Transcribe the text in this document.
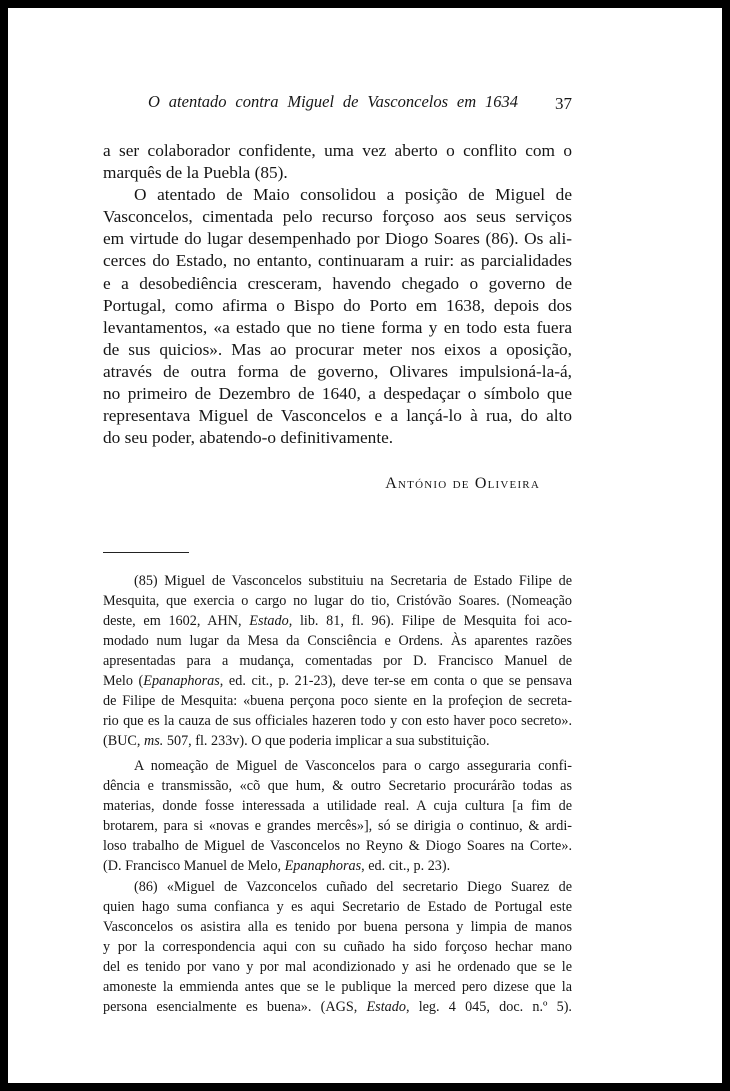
O atentado contra Miguel de Vasconcelos em 1634	37
a ser colaborador confidente, uma vez aberto o conflito com o
marquês de la Puebla (85).
O atentado de Maio consolidou a posição de Miguel de
Vasconcelos, cimentada pelo recurso forçoso aos seus serviços
em virtude do lugar desempenhado por Diogo Soares (86). Os ali-
cerces do Estado, no entanto, continuaram a ruir: as parcialidades
e a desobediência cresceram, havendo chegado o governo de
Portugal, como afirma o Bispo do Porto em 1638, depois dos
levantamentos, «a estado que no tiene forma y en todo esta fuera
de sus quicios». Mas ao procurar meter nos eixos a oposição,
através de outra forma de governo, Olivares impulsioná-la-á,
no primeiro de Dezembro de 1640, a despedaçar o símbolo que
representava Miguel de Vasconcelos e a lançá-lo à rua, do alto
do seu poder, abatendo-o definitivamente.
António de Oliveira
(85) Miguel de Vasconcelos substituiu na Secretaria de Estado Filipe de
Mesquita, que exercia o cargo no lugar do tio, Cristóvão Soares. (Nomeação
deste, em 1602, AHN, Estado, lib. 81, fl. 96). Filipe de Mesquita foi aco-
modado num lugar da Mesa da Consciência e Ordens. Às aparentes razões
apresentadas para a mudança, comentadas por D. Francisco Manuel de
Melo (Epanaphoras, ed. cit., p. 21-23), deve ter-se em conta o que se pensava
de Filipe de Mesquita: «buena perçona poco siente en la profeçion de secreta-
rio que es la cauza de sus officiales hazeren todo y con esto haver poco secreto».
(BUC, ms. 507, fl. 233v). O que poderia implicar a sua substituição.
A nomeação de Miguel de Vasconcelos para o cargo asseguraria confi-
dência e transmissão, «cõ que hum, & outro Secretario procurárão todas as
materias, donde fosse interessada a utilidade real. A cuja cultura [a fim de
brotarem, para si «novas e grandes mercês»], só se dirigia o continuo, & ardi-
loso trabalho de Miguel de Vasconcelos no Reyno & Diogo Soares na Corte».
(D. Francisco Manuel de Melo, Epanaphoras, ed. cit., p. 23).
(86) «Miguel de Vazconcelos cuñado del secretario Diego Suarez de
quien hago suma confianca y es aqui Secretario de Estado de Portugal este
Vasconcelos os asistira alla es tenido por buena persona y limpia de manos
y por la correspondencia aqui con su cuñado ha sido forçoso hechar mano
del es tenido por vano y por mal acondizionado y asi he ordenado que se le
amoneste la emmienda antes que se le publique la merced pero dizese que la
persona esencialmente es buena». (AGS, Estado, leg. 4 045, doc. n.º 5).
